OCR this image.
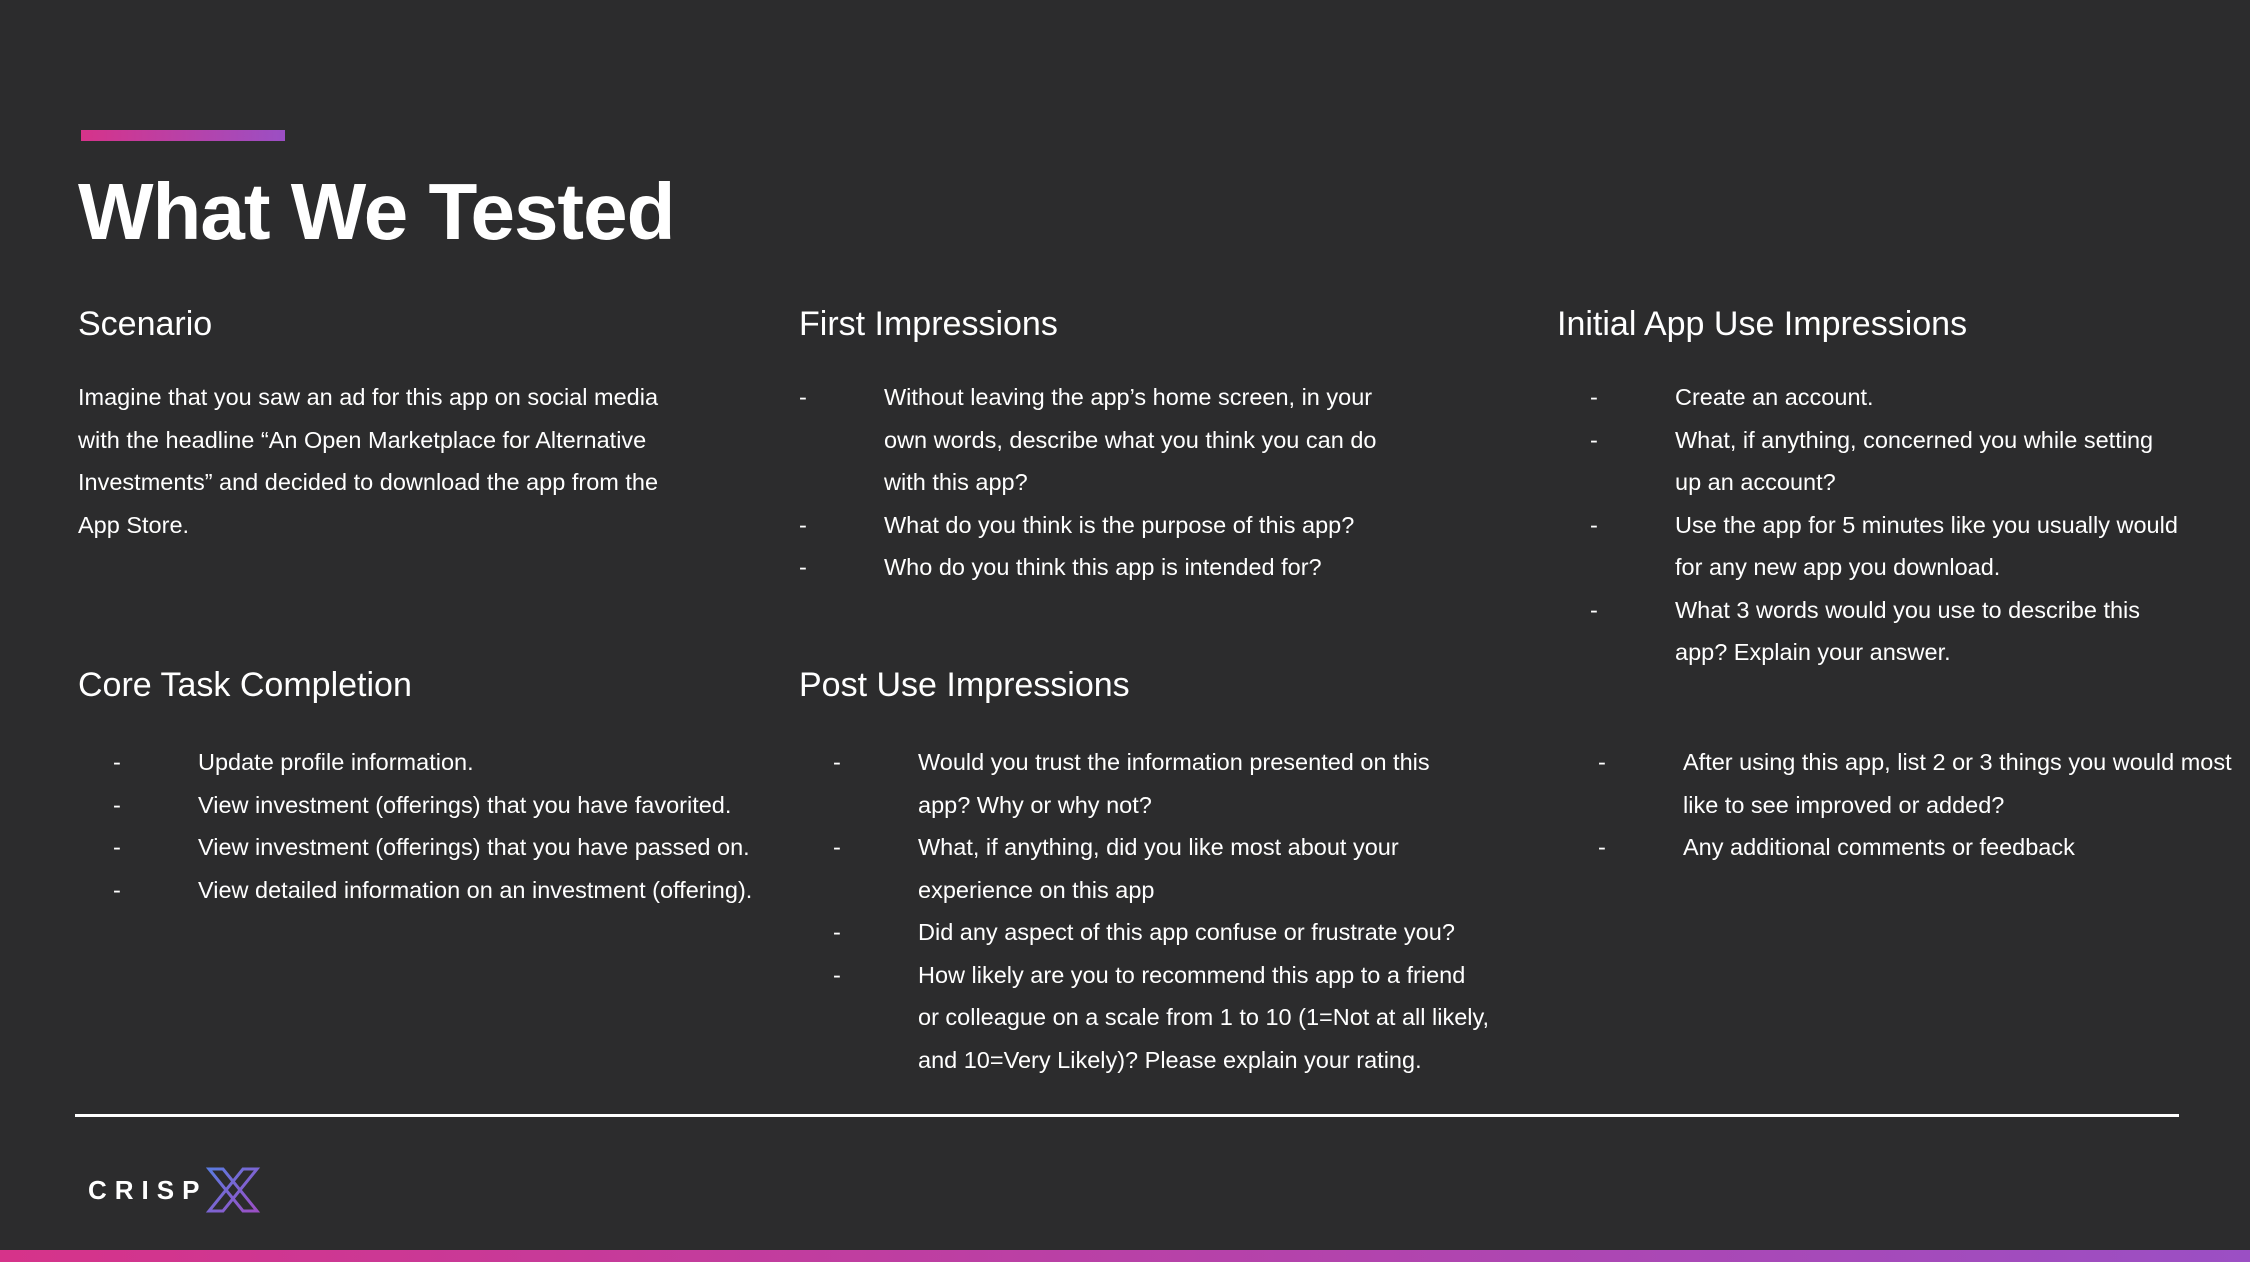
What We Tested
Scenario
Imagine that you saw an ad for this app on social media
with the headline “An Open Marketplace for Alternative
Investments” and decided to download the app from the
App Store.
First Impressions
-	Without leaving the app’s home screen, in your
own words, describe what you think you can do
with this app?
-	What do you think is the purpose of this app?
-	Who do you think this app is intended for?
Initial App Use Impressions
-	Create an account.
-	What, if anything, concerned you while setting
up an account?
-	Use the app for 5 minutes like you usually would
for any new app you download.
-	What 3 words would you use to describe this
app? Explain your answer.
Core Task Completion
-	Update profile information.
-	View investment (offerings) that you have favorited.
-	View investment (offerings) that you have passed on.
-	View detailed information on an investment (offering).
Post Use Impressions
-	Would you trust the information presented on this
app? Why or why not?
-	What, if anything, did you like most about your
experience on this app
-	Did any aspect of this app confuse or frustrate you?
-	How likely are you to recommend this app to a friend
or colleague on a scale from 1 to 10 (1=Not at all likely,
and 10=Very Likely)? Please explain your rating.
-	After using this app, list 2 or 3 things you would most
like to see improved or added?
-	Any additional comments or feedback
CRISP
